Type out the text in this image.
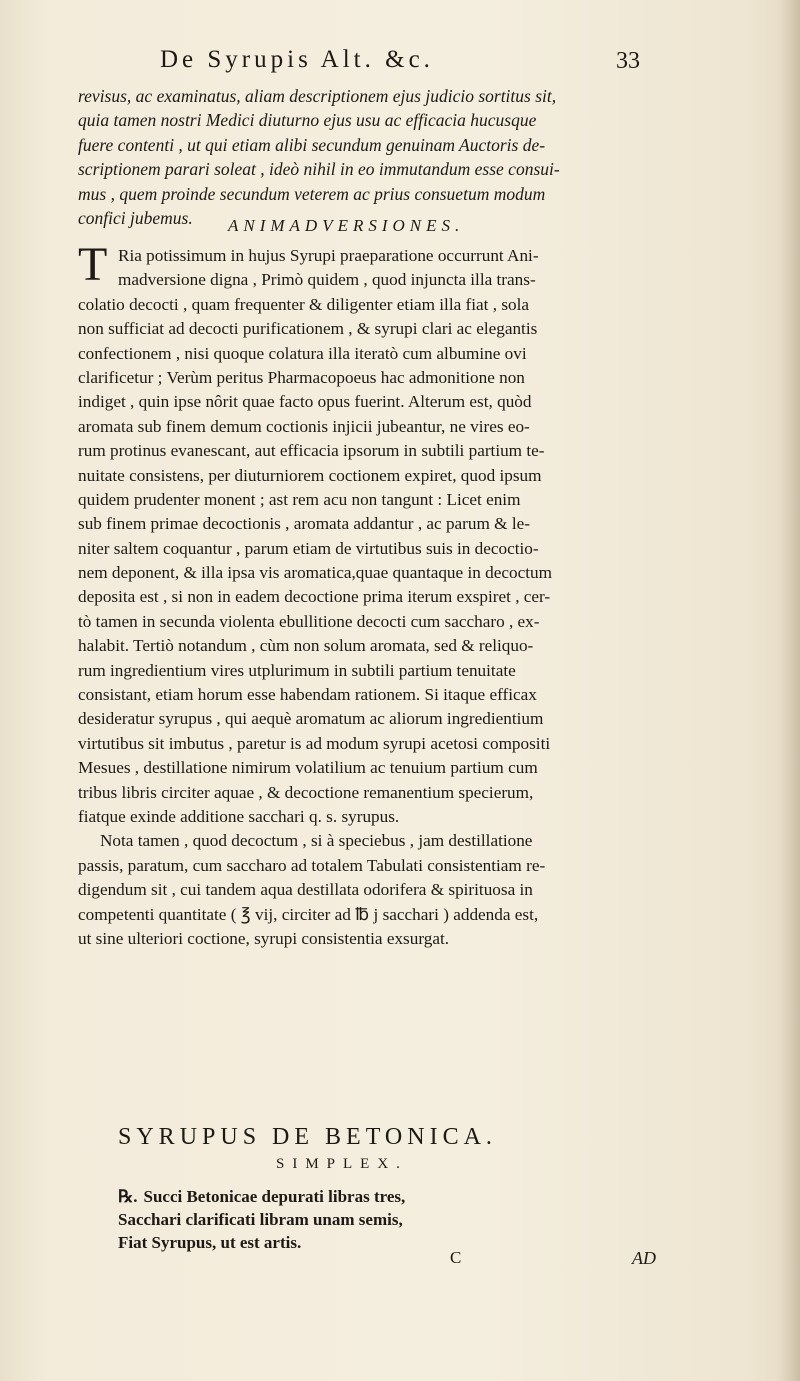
De Syrupis Alt. &c.	33
revisus, ac examinatus, aliam descriptionem ejus judicio sortitus sit,
quia tamen nostri Medici diuturno ejus usu ac efficacia hucusque
fuere contenti , ut qui etiam alibi secundum genuinam Auctoris de-
scriptionem parari soleat , ideò nihil in eo immutandum esse consui-
mus , quem proinde secundum veterem ac prius consuetum modum
confici jubemus.	ANIMADVERSIONES.
T Ria potissimum in hujus Syrupi praeparatione occurrunt Ani-
madversione digna , Primò quidem , quod injuncta illa trans-
colatio decocti , quam frequenter & diligenter etiam illa fiat , sola
non sufficiat ad decocti purificationem , & syrupi clari ac elegantis
confectionem , nisi quoque colatura illa iteratò cum albumine ovi
clarificetur ; Verùm peritus Pharmacopoeus hac admonitione non
indiget , quin ipse nôrit quae facto opus fuerint. Alterum est, quòd
aromata sub finem demum coctionis injicii jubeantur, ne vires eo-
rum protinus evanescant, aut efficacia ipsorum in subtili partium te-
nuitate consistens, per diuturniorem coctionem expiret, quod ipsum
quidem prudenter monent ; ast rem acu non tangunt : Licet enim
sub finem primae decoctionis , aromata addantur , ac parum & le-
niter saltem coquantur , parum etiam de virtutibus suis in decoctio-
nem deponent, & illa ipsa vis aromatica,quae quantaque in decoctum
deposita est , si non in eadem decoctione prima iterum exspiret , cer-
tò tamen in secunda violenta ebullitione decocti cum saccharo , ex-
halabit. Tertiò notandum , cùm non solum aromata, sed & reliquo-
rum ingredientium vires utplurimum in subtili partium tenuitate
consistant, etiam horum esse habendam rationem. Si itaque efficax
desideratur syrupus , qui aequè aromatum ac aliorum ingredientium
virtutibus sit imbutus , paretur is ad modum syrupi acetosi compositi
Mesues , destillatione nimirum volatilium ac tenuium partium cum
tribus libris circiter aquae , & decoctione remanentium specierum,
fiatque exinde additione sacchari q. s. syrupus.
Nota tamen , quod decoctum , si à speciebus , jam destillatione
passis, paratum, cum saccharo ad totalem Tabulati consistentiam re-
digendum sit , cui tandem aqua destillata odorifera & spirituosa in
competenti quantitate ( ℥ vij, circiter ad ℔ j sacchari ) addenda est,
ut sine ulteriori coctione, syrupi consistentia exsurgat.
SYRUPUS DE BETONICA.
SIMPLEX.
℞. Succi Betonicae depurati libras tres,
Sacchari clarificati libram unam semis,
Fiat Syrupus, ut est artis.
C	AD
